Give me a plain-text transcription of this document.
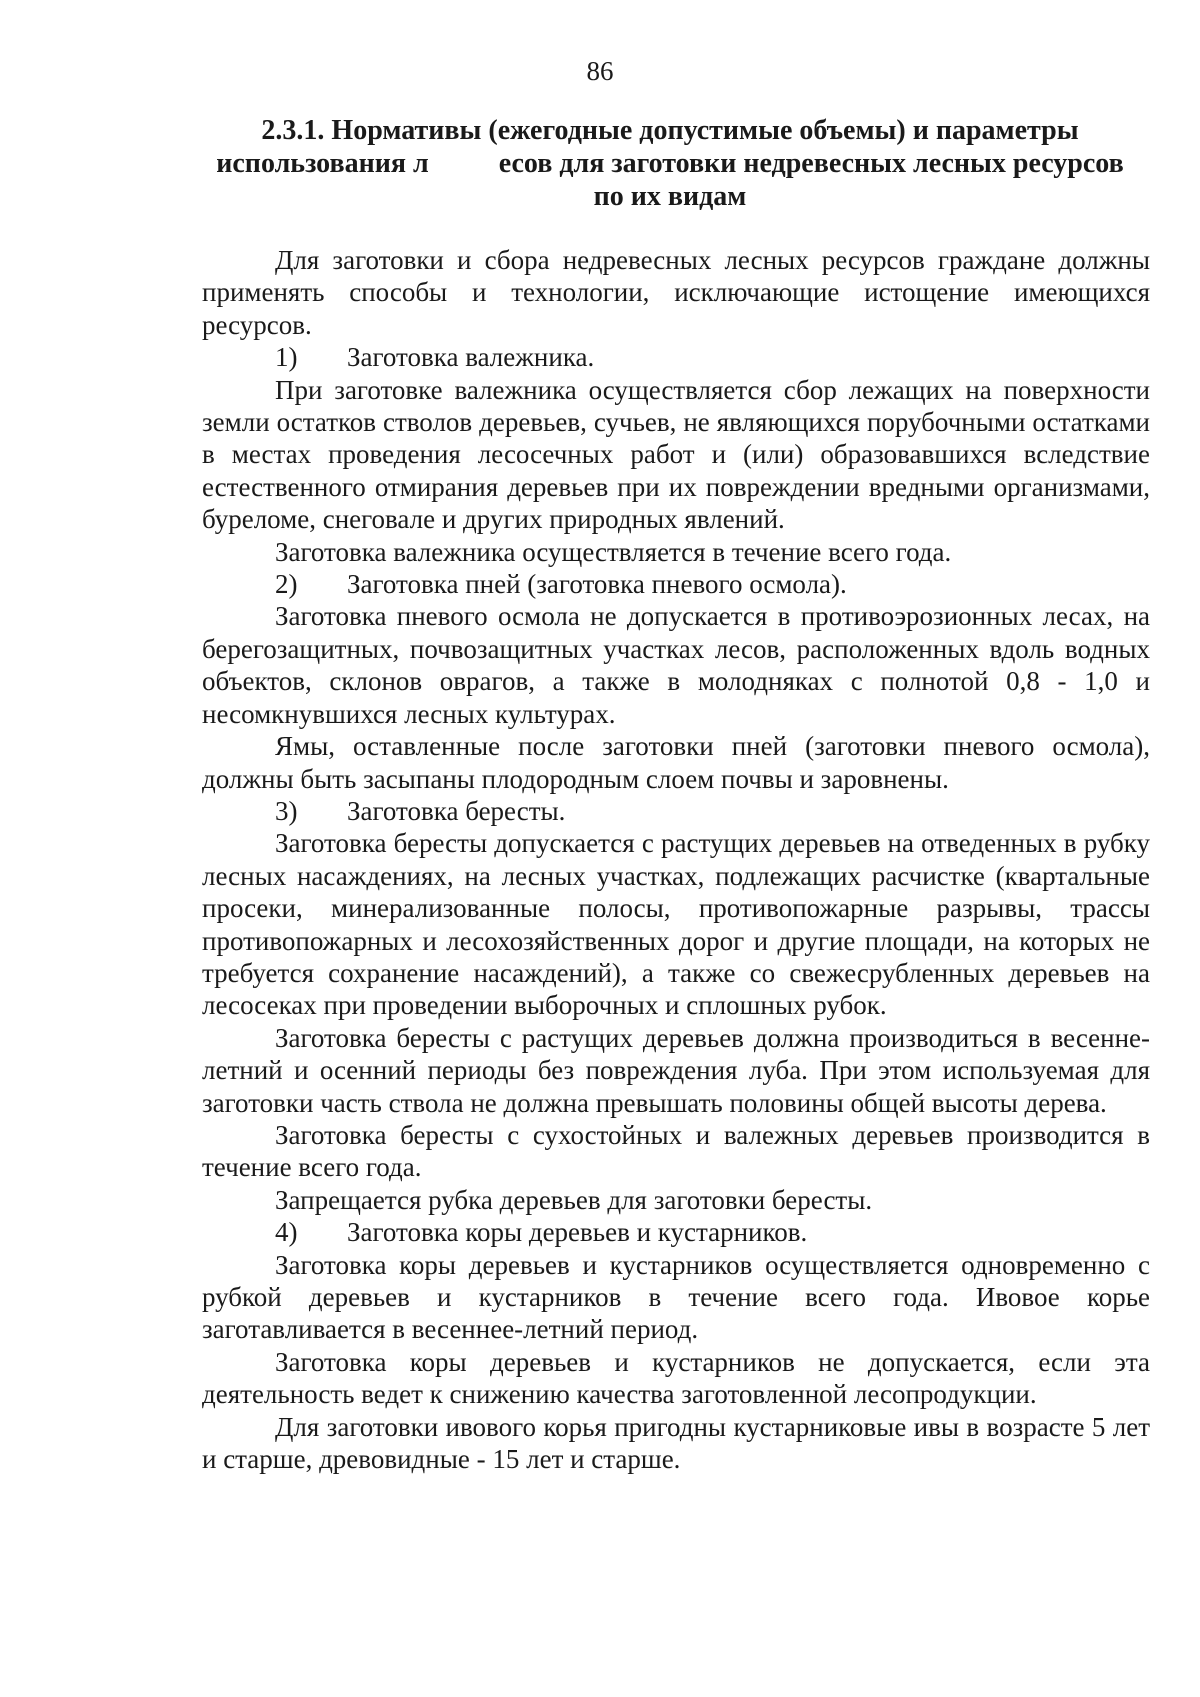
86
2.3.1. Нормативы (ежегодные допустимые объемы) и параметры
использования л          есов для заготовки недревесных лесных ресурсов
по их видам

Для заготовки и сбора недревесных лесных ресурсов граждане должны применять способы и технологии, исключающие истощение имеющихся ресурсов.

1) Заготовка валежника.

При заготовке валежника осуществляется сбор лежащих на поверхности земли остатков стволов деревьев, сучьев, не являющихся порубочными остатками в местах проведения лесосечных работ и (или) образовавшихся вследствие естественного отмирания деревьев при их повреждении вредными организмами, буреломе, снеговале и других природных явлений.

Заготовка валежника осуществляется в течение всего года.

2) Заготовка пней (заготовка пневого осмола).

Заготовка пневого осмола не допускается в противоэрозионных лесах, на берегозащитных, почвозащитных участках лесов, расположенных вдоль водных объектов, склонов оврагов, а также в молодняках с полнотой 0,8 - 1,0 и несомкнувшихся лесных культурах.

Ямы, оставленные после заготовки пней (заготовки пневого осмола), должны быть засыпаны плодородным слоем почвы и заровнены.

3) Заготовка бересты.

Заготовка бересты допускается с растущих деревьев на отведенных в рубку лесных насаждениях, на лесных участках, подлежащих расчистке (квартальные просеки, минерализованные полосы, противопожарные разрывы, трассы противопожарных и лесохозяйственных дорог и другие площади, на которых не требуется сохранение насаждений), а также со свежесрубленных деревьев на лесосеках при проведении выборочных и сплошных рубок.

Заготовка бересты с растущих деревьев должна производиться в весенне-летний и осенний периоды без повреждения луба. При этом используемая для заготовки часть ствола не должна превышать половины общей высоты дерева.

Заготовка бересты с сухостойных и валежных деревьев производится в течение всего года.

Запрещается рубка деревьев для заготовки бересты.

4) Заготовка коры деревьев и кустарников.

Заготовка коры деревьев и кустарников осуществляется одновременно с рубкой деревьев и кустарников в течение всего года. Ивовое корье заготавливается в весеннее-летний период.

Заготовка коры деревьев и кустарников не допускается, если эта деятельность ведет к снижению качества заготовленной лесопродукции.

Для заготовки ивового корья пригодны кустарниковые ивы в возрасте 5 лет и старше, древовидные - 15 лет и старше.
